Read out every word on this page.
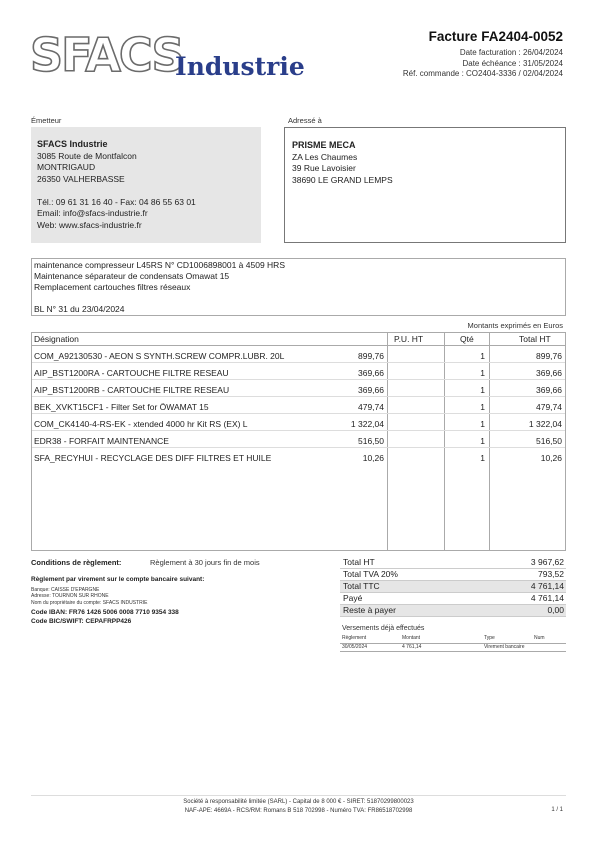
SFACS
Industrie
Facture FA2404-0052
Date facturation : 26/04/2024
Date échéance : 31/05/2024
Réf. commande : CO2404-3336 / 02/04/2024
Émetteur
SFACS Industrie
3085 Route de Montfalcon
MONTRIGAUD
26350 VALHERBASSE
Tél.: 09 61 31 16 40 - Fax: 04 86 55 63 01
Email: info@sfacs-industrie.fr
Web: www.sfacs-industrie.fr
Adressé à
PRISME MECA
ZA Les Chaumes
39 Rue Lavoisier
38690 LE GRAND LEMPS
maintenance compresseur L45RS N° CD1006898001 à 4509 HRS
Maintenance séparateur de condensats Omawat 15
Remplacement cartouches filtres réseaux
BL N° 31 du 23/04/2024
Montants exprimés en Euros
Désignation	P.U. HT	Qté	Total HT
COM_A92130530 - AEON S SYNTH.SCREW COMPR.LUBR. 20L	899,76	1	899,76
AIP_BST1200RA - CARTOUCHE FILTRE RESEAU	369,66	1	369,66
AIP_BST1200RB - CARTOUCHE FILTRE RESEAU	369,66	1	369,66
BEK_XVKT15CF1 - Filter Set for ÖWAMAT 15	479,74	1	479,74
COM_CK4140-4-RS-EK - xtended 4000 hr Kit RS (EX) L	1 322,04	1	1 322,04
EDR38 - FORFAIT MAINTENANCE	516,50	1	516,50
SFA_RECYHUI - RECYCLAGE DES DIFF FILTRES ET HUILE	10,26	1	10,26
Conditions de règlement:	Règlement à 30 jours fin de mois
Règlement par virement sur le compte bancaire suivant:
Banque: CAISSE D'EPARGNE
Adresse: TOURNON SUR RHONE
Nom du propriétaire du compte: SFACS INDUSTRIE
Code IBAN: FR76 1426 5006 0008 7710 9354 338
Code BIC/SWIFT: CEPAFRPP426
Total HT	3 967,62
Total TVA 20%	793,52
Total TTC	4 761,14
Payé	4 761,14
Reste à payer	0,00
Versements déjà effectués
Règlement	Montant	Type	Num
30/05/2024	4 761,14	Virement bancaire
Société à responsabilité limitée (SARL) - Capital de 8 000 € - SIRET: 51870299800023
NAF-APE: 4669A - RCS/RM: Romans B 518 702998 - Numéro TVA: FR86518702998	1 / 1
